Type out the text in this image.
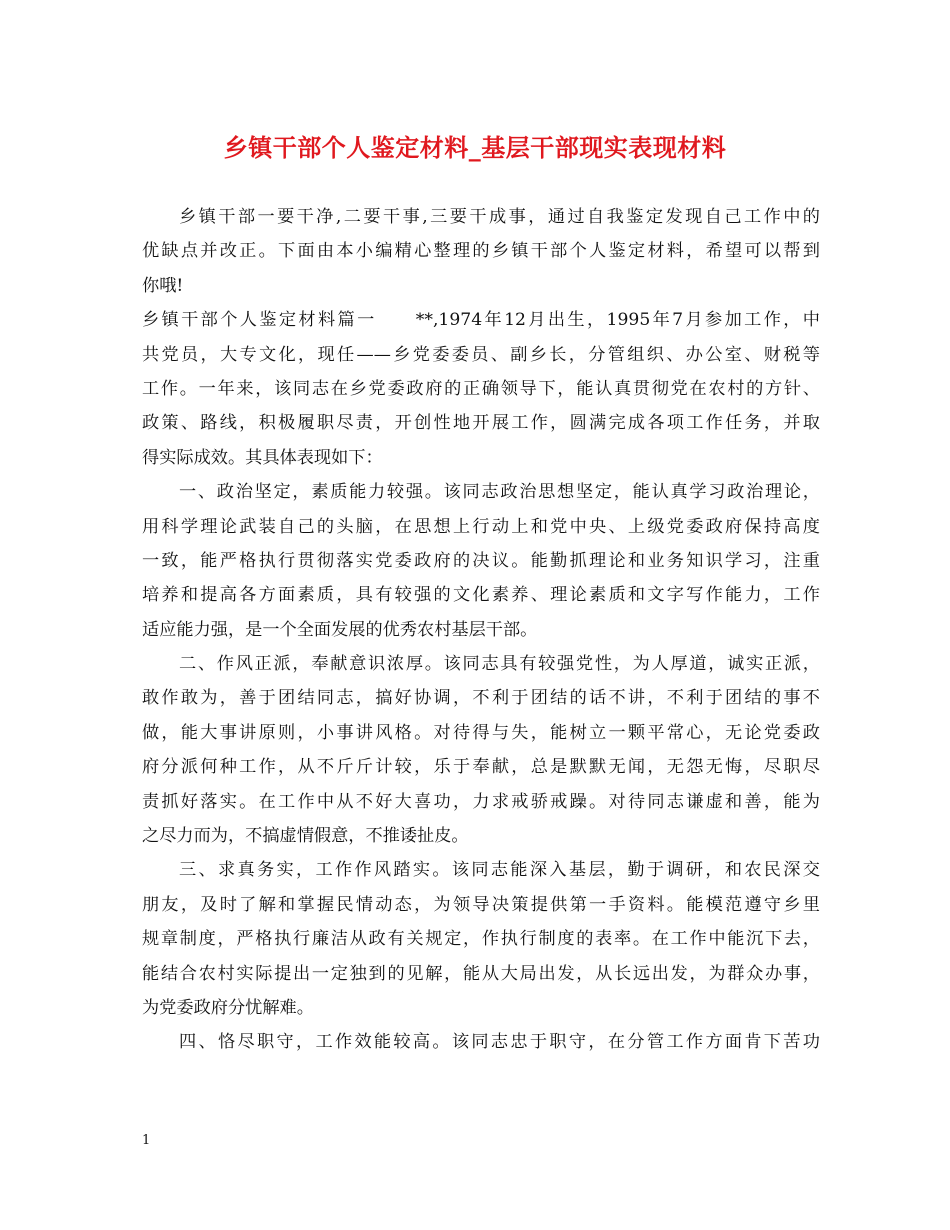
乡镇干部个人鉴定材料_基层干部现实表现材料
乡镇干部一要干净,二要干事,三要干成事，通过自我鉴定发现自己工作中的
优缺点并改正。下面由本小编精心整理的乡镇干部个人鉴定材料，希望可以帮到
你哦!
乡镇干部个人鉴定材料篇一　　**,1974年12月出生，1995年7月参加工作，中
共党员，大专文化，现任——乡党委委员、副乡长，分管组织、办公室、财税等
工作。一年来，该同志在乡党委政府的正确领导下，能认真贯彻党在农村的方针、
政策、路线，积极履职尽责，开创性地开展工作，圆满完成各项工作任务，并取
得实际成效。其具体表现如下：
一、政治坚定，素质能力较强。该同志政治思想坚定，能认真学习政治理论，
用科学理论武装自己的头脑，在思想上行动上和党中央、上级党委政府保持高度
一致，能严格执行贯彻落实党委政府的决议。能勤抓理论和业务知识学习，注重
培养和提高各方面素质，具有较强的文化素养、理论素质和文字写作能力，工作
适应能力强，是一个全面发展的优秀农村基层干部。
二、作风正派，奉献意识浓厚。该同志具有较强党性，为人厚道，诚实正派，
敢作敢为，善于团结同志，搞好协调，不利于团结的话不讲，不利于团结的事不
做，能大事讲原则，小事讲风格。对待得与失，能树立一颗平常心，无论党委政
府分派何种工作，从不斤斤计较，乐于奉献，总是默默无闻，无怨无悔，尽职尽
责抓好落实。在工作中从不好大喜功，力求戒骄戒躁。对待同志谦虚和善，能为
之尽力而为，不搞虚情假意，不推诿扯皮。
三、求真务实，工作作风踏实。该同志能深入基层，勤于调研，和农民深交
朋友，及时了解和掌握民情动态，为领导决策提供第一手资料。能模范遵守乡里
规章制度，严格执行廉洁从政有关规定，作执行制度的表率。在工作中能沉下去，
能结合农村实际提出一定独到的见解，能从大局出发，从长远出发，为群众办事，
为党委政府分忧解难。
四、恪尽职守，工作效能较高。该同志忠于职守，在分管工作方面肯下苦功
1
